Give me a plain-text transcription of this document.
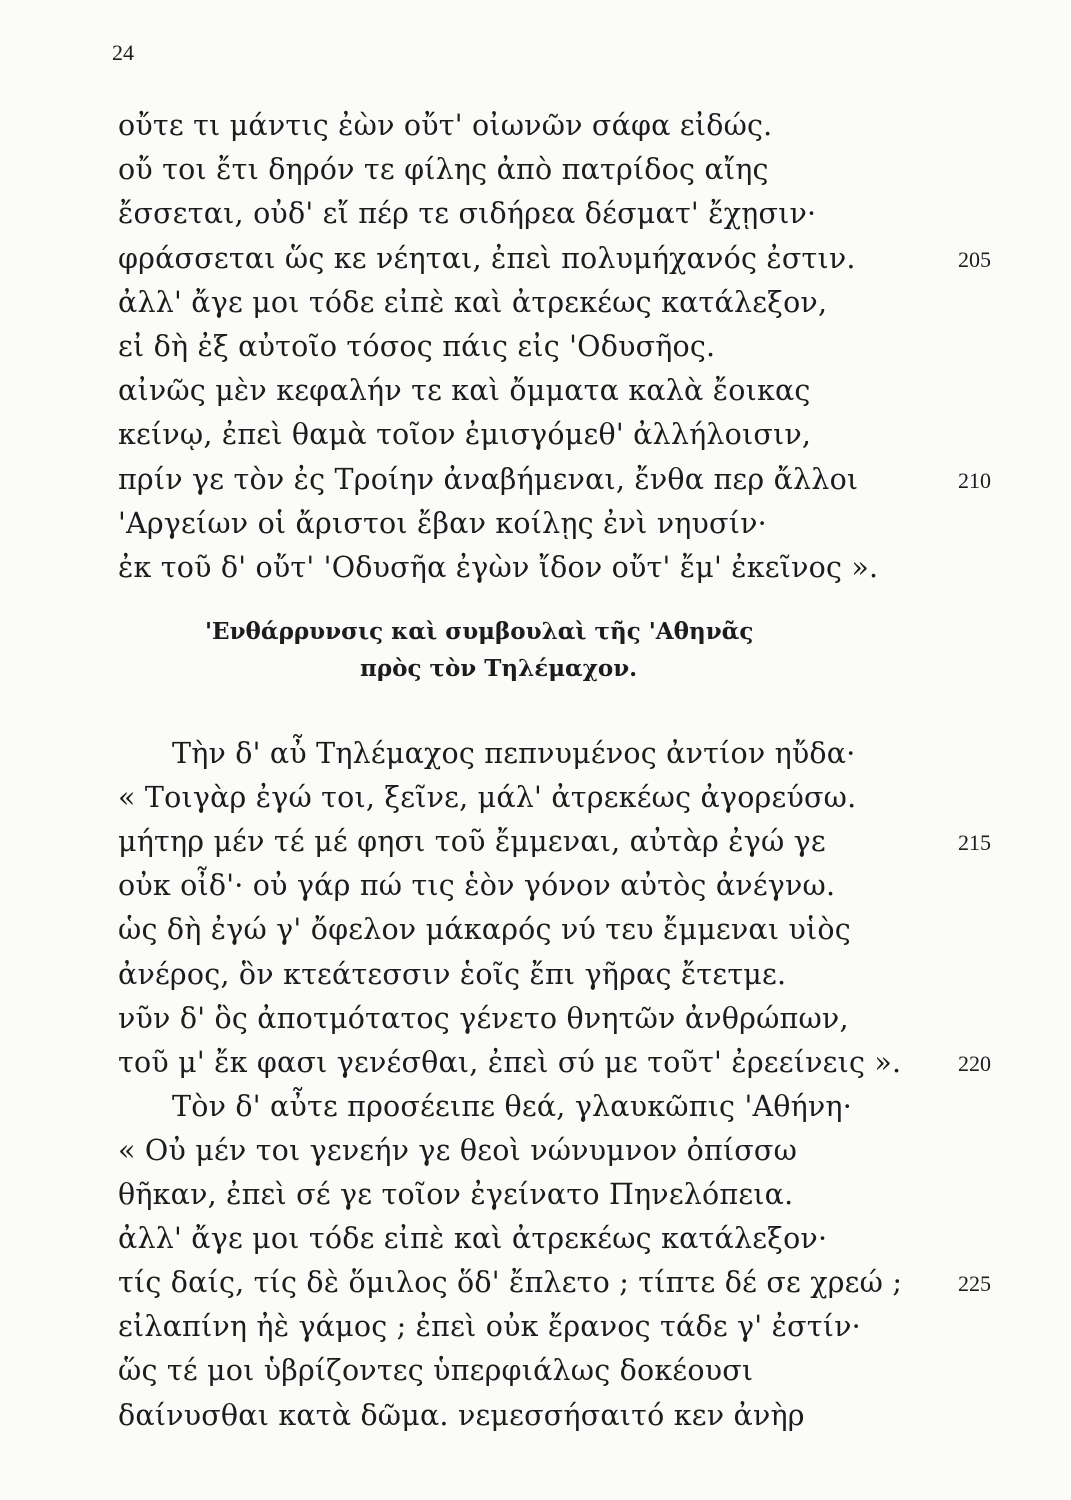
24
οὔτε τι μάντις ἐὼν οὔτ' οἰωνῶν σάφα εἰδώς.
οὔ τοι ἔτι δηρόν τε φίλης ἀπὸ πατρίδος αἴης
ἔσσεται, οὐδ' εἴ πέρ τε σιδήρεα δέσματ' ἔχῃσιν·
φράσσεται ὥς κε νέηται, ἐπεὶ πολυμήχανός ἐστιν.	205
ἀλλ' ἄγε μοι τόδε εἰπὲ καὶ ἀτρεκέως κατάλεξον,
εἰ δὴ ἐξ αὐτοῖο τόσος πάις εἰς 'Οδυσῆος.
αἰνῶς μὲν κεφαλήν τε καὶ ὄμματα καλὰ ἔοικας
κείνῳ, ἐπεὶ θαμὰ τοῖον ἐμισγόμεθ' ἀλλήλοισιν,
πρίν γε τὸν ἐς Τροίην ἀναβήμεναι, ἔνθα περ ἄλλοι	210
'Αργείων οἱ ἄριστοι ἔβαν κοίλῃς ἐνὶ νηυσίν·
ἐκ τοῦ δ' οὔτ' 'Οδυσῆα ἐγὼν ἴδον οὔτ' ἔμ' ἐκεῖνος ».
'Ενθάρρυνσις καὶ συμβουλαὶ τῆς 'Αθηνᾶς
πρὸς τὸν Τηλέμαχον.
Τὴν δ' αὖ Τηλέμαχος πεπνυμένος ἀντίον ηὔδα·
« Τοιγὰρ ἐγώ τοι, ξεῖνε, μάλ' ἀτρεκέως ἀγορεύσω.
μήτηρ μέν τέ μέ φησι τοῦ ἔμμεναι, αὐτὰρ ἐγώ γε	215
οὐκ οἶδ'· οὐ γάρ πώ τις ἑὸν γόνον αὐτὸς ἀνέγνω.
ὡς δὴ ἐγώ γ' ὄφελον μάκαρός νύ τευ ἔμμεναι υἱὸς
ἀνέρος, ὃν κτεάτεσσιν ἑοῖς ἔπι γῆρας ἔτετμε.
νῦν δ' ὃς ἀποτμότατος γένετο θνητῶν ἀνθρώπων,
τοῦ μ' ἔκ φασι γενέσθαι, ἐπεὶ σύ με τοῦτ' ἐρεείνεις ».	220
Τὸν δ' αὖτε προσέειπε θεά, γλαυκῶπις 'Αθήνη·
« Οὐ μέν τοι γενεήν γε θεοὶ νώνυμνον ὀπίσσω
θῆκαν, ἐπεὶ σέ γε τοῖον ἐγείνατο Πηνελόπεια.
ἀλλ' ἄγε μοι τόδε εἰπὲ καὶ ἀτρεκέως κατάλεξον·
τίς δαίς, τίς δὲ ὅμιλος ὅδ' ἔπλετο ; τίπτε δέ σε χρεώ ;	225
εἰλαπίνη ἠὲ γάμος ; ἐπεὶ οὐκ ἔρανος τάδε γ' ἐστίν·
ὥς τέ μοι ὑβρίζοντες ὑπερφιάλως δοκέουσι
δαίνυσθαι κατὰ δῶμα. νεμεσσήσαιτό κεν ἀνὴρ
